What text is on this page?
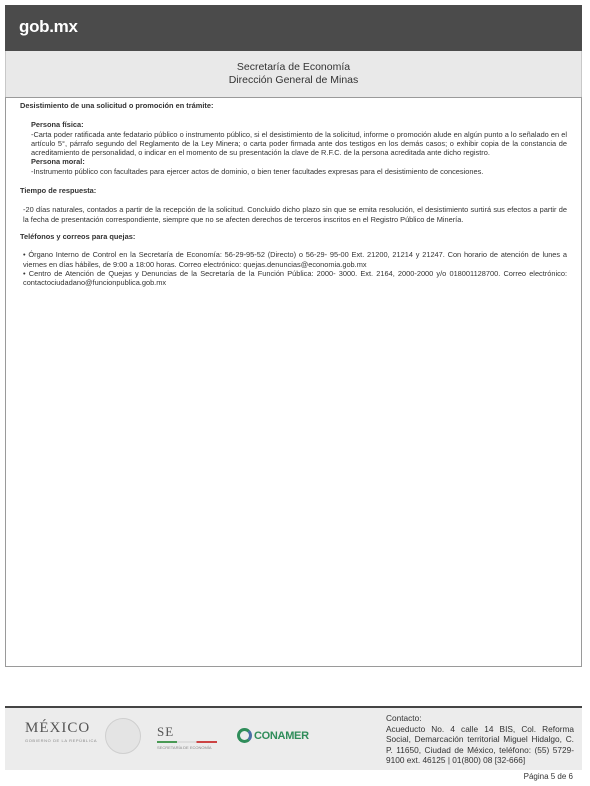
gob.mx
Secretaría de Economía
Dirección General de Minas
Desistimiento de una solicitud o promoción en trámite:
Persona física:

-Carta poder ratificada ante fedatario público o instrumento público, si el desistimiento de la solicitud, informe o promoción alude en algún punto a lo señalado en el artículo 5°, párrafo segundo del Reglamento de la Ley Minera; o carta poder firmada ante dos testigos en los demás casos; o exhibir copia de la constancia de acreditamiento de personalidad, o indicar en el momento de su presentación la clave de R.F.C. de la persona acreditada ante dicho registro.

Persona moral:

-Instrumento público con facultades para ejercer actos de dominio, o bien tener facultades expresas para el desistimiento de concesiones.

Tiempo de respuesta:

-20 días naturales, contados a partir de la recepción de la solicitud. Concluido dicho plazo sin que se emita resolución, el desistimiento surtirá sus efectos a partir de la fecha de presentación correspondiente, siempre que no se afecten derechos de terceros inscritos en el Registro Público de Minería.

Teléfonos y correos para quejas:
• Órgano Interno de Control en la Secretaría de Economía: 56-29-95-52 (Directo) o 56-29- 95-00 Ext. 21200, 21214 y 21247. Con horario de atención de lunes a viernes en días hábiles, de 9:00 a 18:00 horas. Correo electrónico: quejas.denuncias@economia.gob.mx
• Centro de Atención de Quejas y Denuncias de la Secretaría de la Función Pública: 2000- 3000. Ext. 2164, 2000-2000 y/o 018001128700. Correo electrónico: contactociudadano@funcionpublica.gob.mx
MÉXICO
GOBIERNO DE LA REPÚBLICA
SE
SECRETARÍA DE ECONOMÍA
CONAMER
Contacto:
Acueducto No. 4 calle 14 BIS, Col. Reforma Social, Demarcación territorial Miguel Hidalgo, C. P. 11650, Ciudad de México, teléfono: (55) 5729-9100 ext. 46125 | 01(800) 08 [32-666]
Página 5 de 6
